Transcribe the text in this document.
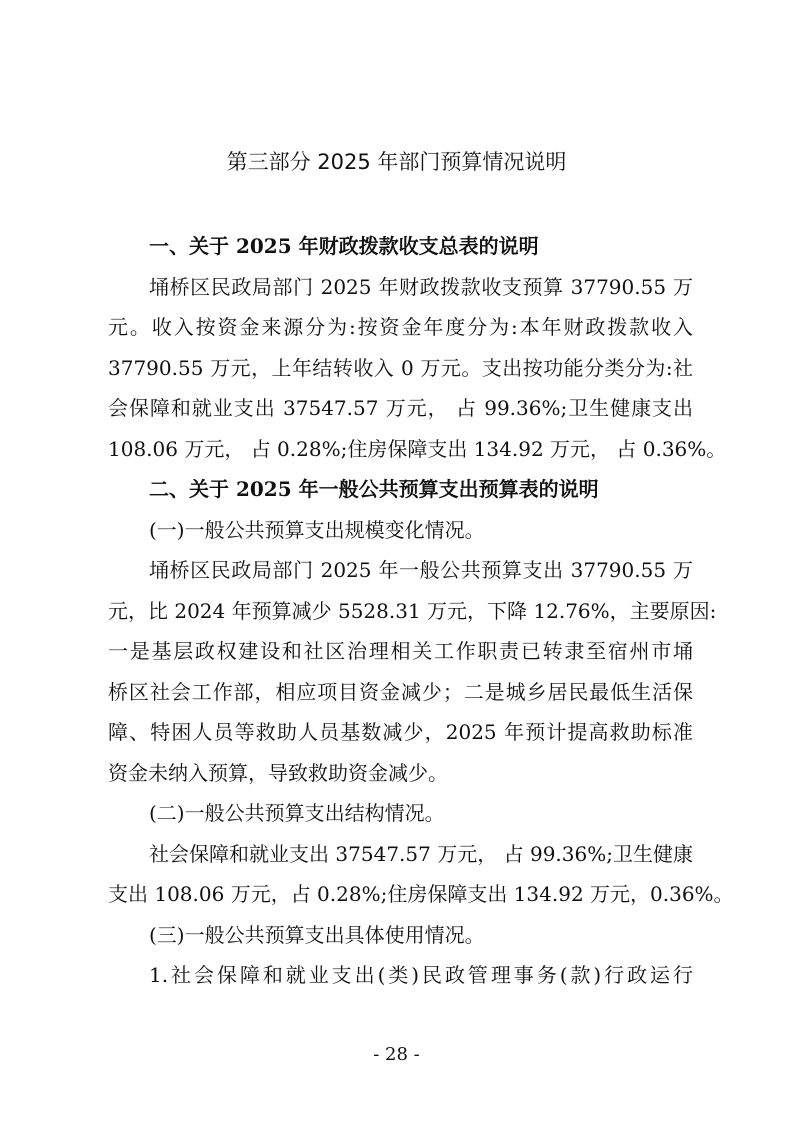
第三部分 2025 年部门预算情况说明
一、关于 2025 年财政拨款收支总表的说明
埇桥区民政局部门 2025 年财政拨款收支预算 37790.55 万
元。收入按资金来源分为:按资金年度分为:本年财政拨款收入
37790.55 万元，上年结转收入 0 万元。支出按功能分类分为:社
会保障和就业支出 37547.57 万元， 占 99.36%;卫生健康支出
108.06 万元， 占 0.28%;住房保障支出 134.92 万元， 占 0.36%。
二、关于 2025 年一般公共预算支出预算表的说明
(一)一般公共预算支出规模变化情况。
埇桥区民政局部门 2025 年一般公共预算支出 37790.55 万
元，比 2024 年预算减少 5528.31 万元，下降 12.76%，主要原因:
一是基层政权建设和社区治理相关工作职责已转隶至宿州市埇
桥区社会工作部，相应项目资金减少；二是城乡居民最低生活保
障、特困人员等救助人员基数减少，2025 年预计提高救助标准
资金未纳入预算，导致救助资金减少。
(二)一般公共预算支出结构情况。
社会保障和就业支出 37547.57 万元， 占 99.36%;卫生健康
支出 108.06 万元，占 0.28%;住房保障支出 134.92 万元，0.36%。
(三)一般公共预算支出具体使用情况。
1.社会保障和就业支出(类)民政管理事务(款)行政运行
- 28 -
